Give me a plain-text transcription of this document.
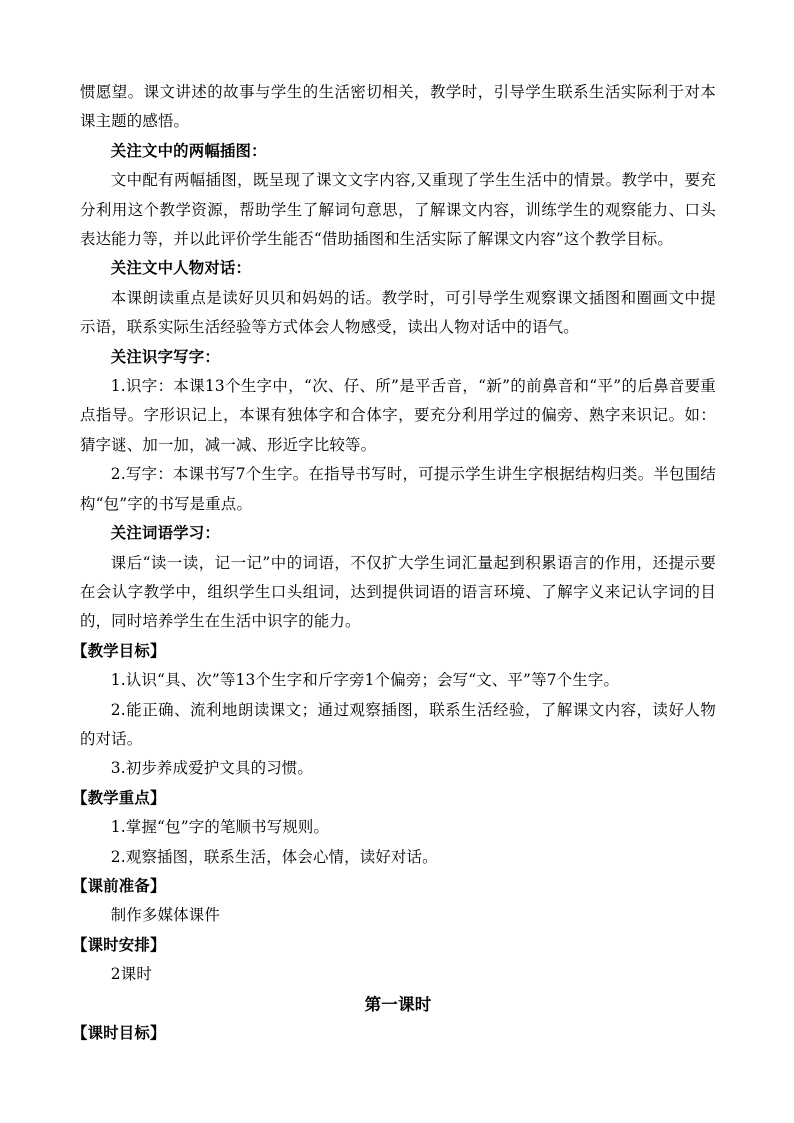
惯愿望。课文讲述的故事与学生的生活密切相关，教学时，引导学生联系生活实际利于对本课主题的感悟。

关注文中的两幅插图：

文中配有两幅插图，既呈现了课文文字内容,又重现了学生生活中的情景。教学中，要充分利用这个教学资源，帮助学生了解词句意思，了解课文内容，训练学生的观察能力、口头表达能力等，并以此评价学生能否“借助插图和生活实际了解课文内容”这个教学目标。

关注文中人物对话：

本课朗读重点是读好贝贝和妈妈的话。教学时，可引导学生观察课文插图和圈画文中提示语，联系实际生活经验等方式体会人物感受，读出人物对话中的语气。

关注识字写字：

1.识字：本课13个生字中，“次、仔、所”是平舌音，“新”的前鼻音和“平”的后鼻音要重点指导。字形识记上，本课有独体字和合体字，要充分利用学过的偏旁、熟字来识记。如：猜字谜、加一加，减一减、形近字比较等。

2.写字：本课书写7个生字。在指导书写时，可提示学生讲生字根据结构归类。半包围结构“包”字的书写是重点。

关注词语学习：

课后“读一读，记一记”中的词语，不仅扩大学生词汇量起到积累语言的作用，还提示要在会认字教学中，组织学生口头组词，达到提供词语的语言环境、了解字义来记认字词的目的，同时培养学生在生活中识字的能力。

【教学目标】

1.认识“具、次”等13个生字和斤字旁1个偏旁；会写“文、平”等7个生字。

2.能正确、流利地朗读课文；通过观察插图，联系生活经验，了解课文内容，读好人物的对话。

3.初步养成爱护文具的习惯。

【教学重点】

1.掌握“包”字的笔顺书写规则。

2.观察插图，联系生活，体会心情，读好对话。

【课前准备】

制作多媒体课件

【课时安排】

2课时

第一课时

【课时目标】
